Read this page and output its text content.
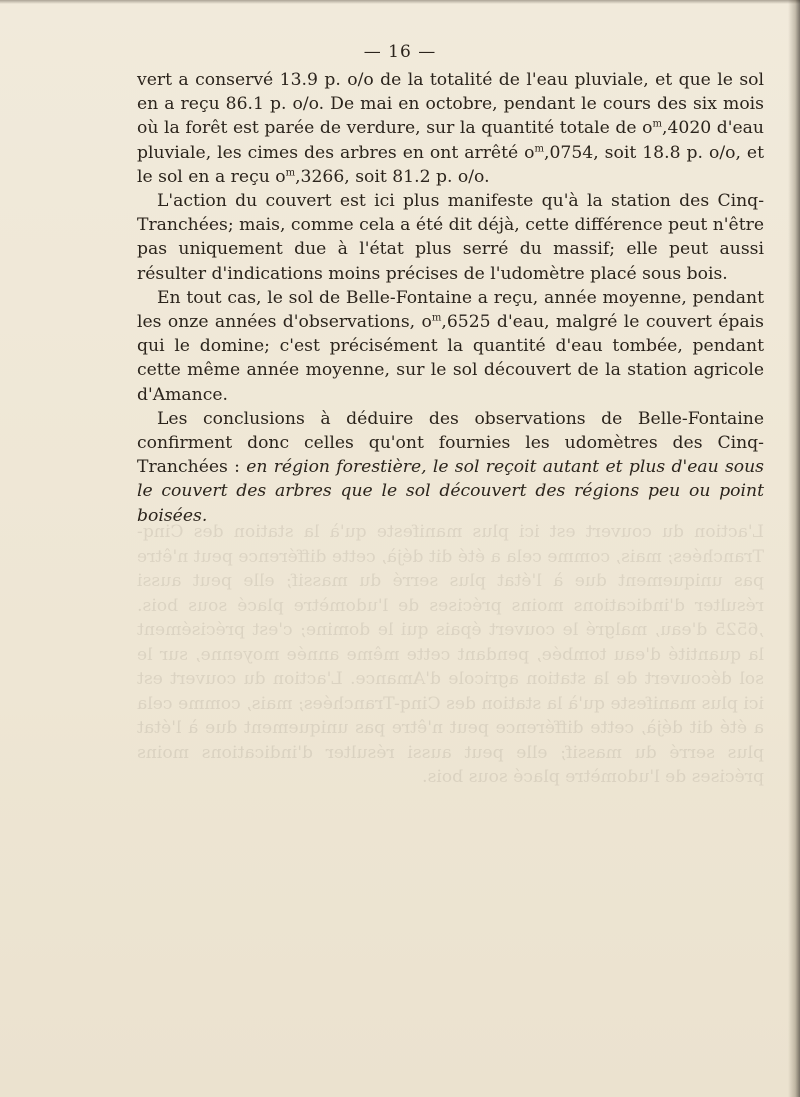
— 16 —

vert a conservé 13.9 p. o/o de la totalité de l'eau pluviale, et que le sol en a reçu 86.1 p. o/o. De mai en octobre, pendant le cours des six mois où la forêt est parée de verdure, sur la quantité totale de $o^m,4020$ d'eau pluviale, les cimes des arbres en ont arrêté $o^m,0754$, soit 18.8 p. o/o, et le sol en a reçu $o^m,3266$, soit 81.2 p. o/o.

L'action du couvert est ici plus manifeste qu'à la station des Cinq-Tranchées; mais, comme cela a été dit déjà, cette différence peut n'être pas uniquement due à l'état plus serré du massif; elle peut aussi résulter d'indications moins précises de l'udomètre placé sous bois.

En tout cas, le sol de Belle-Fontaine a reçu, année moyenne, pendant les onze années d'observations, $o^m,6525$ d'eau, malgré le couvert épais qui le domine; c'est précisément la quantité d'eau tombée, pendant cette même année moyenne, sur le sol découvert de la station agricole d'Amance.

Les conclusions à déduire des observations de Belle-Fontaine confirment donc celles qu'ont fournies les udomètres des Cinq-Tranchées : en région forestière, le sol reçoit autant et plus d'eau sous le couvert des arbres que le sol découvert des régions peu ou point boisées.
